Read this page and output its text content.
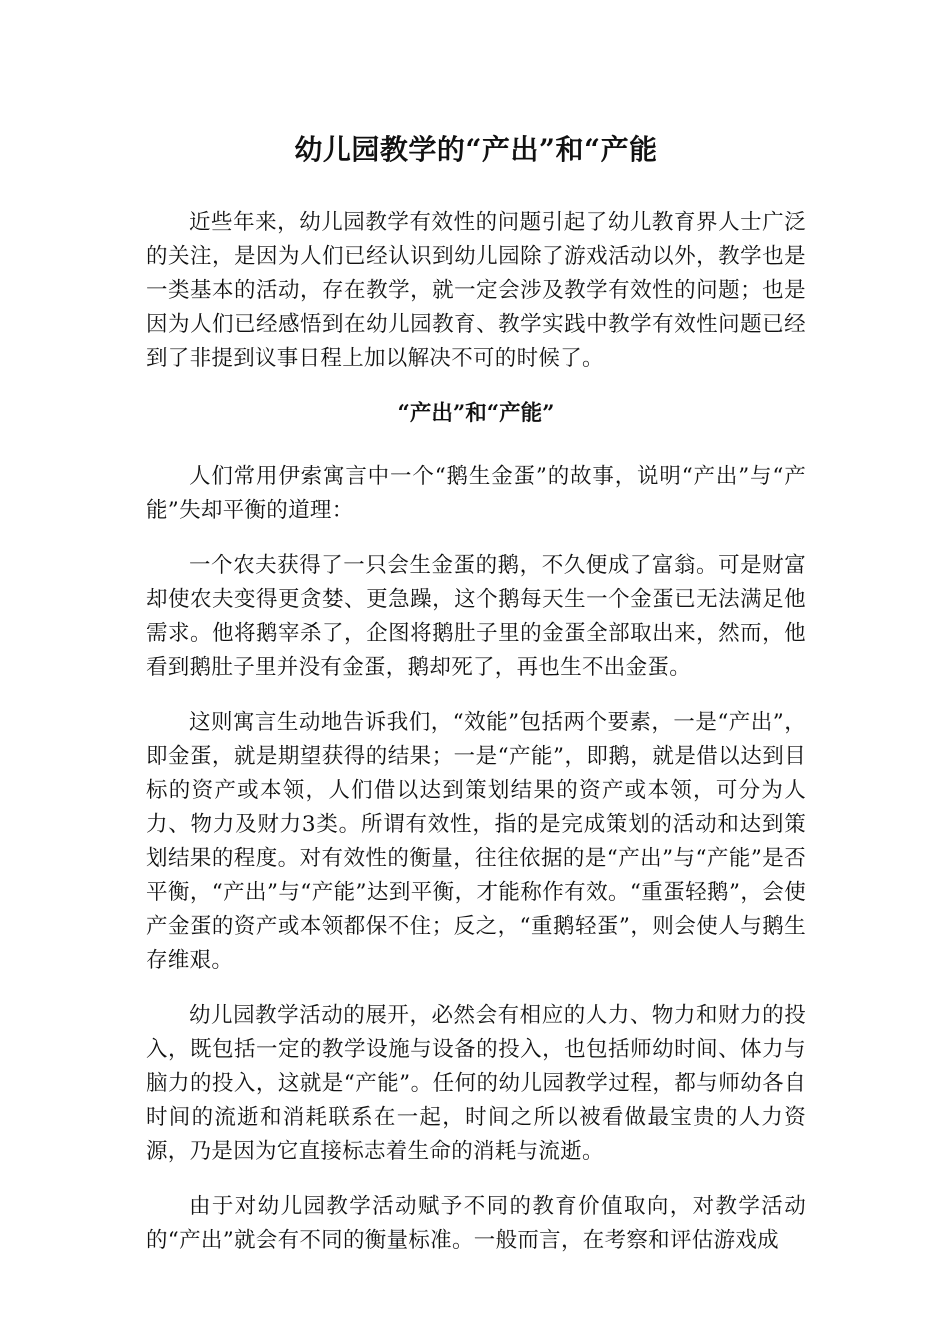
幼儿园教学的“产出”和“产能

近些年来，幼儿园教学有效性的问题引起了幼儿教育界人士广泛的关注，是因为人们已经认识到幼儿园除了游戏活动以外，教学也是一类基本的活动，存在教学，就一定会涉及教学有效性的问题；也是因为人们已经感悟到在幼儿园教育、教学实践中教学有效性问题已经到了非提到议事日程上加以解决不可的时候了。

“产出”和“产能”

人们常用伊索寓言中一个“鹅生金蛋”的故事，说明“产出”与“产能”失却平衡的道理：

一个农夫获得了一只会生金蛋的鹅，不久便成了富翁。可是财富却使农夫变得更贪婪、更急躁，这个鹅每天生一个金蛋已无法满足他需求。他将鹅宰杀了，企图将鹅肚子里的金蛋全部取出来，然而，他看到鹅肚子里并没有金蛋，鹅却死了，再也生不出金蛋。

这则寓言生动地告诉我们，“效能”包括两个要素，一是“产出”，即金蛋，就是期望获得的结果；一是“产能”，即鹅，就是借以达到目标的资产或本领，人们借以达到策划结果的资产或本领，可分为人力、物力及财力3类。所谓有效性，指的是完成策划的活动和达到策划结果的程度。对有效性的衡量，往往依据的是“产出”与“产能”是否平衡，“产出”与“产能”达到平衡，才能称作有效。“重蛋轻鹅”，会使产金蛋的资产或本领都保不住；反之，“重鹅轻蛋”，则会使人与鹅生存维艰。

幼儿园教学活动的展开，必然会有相应的人力、物力和财力的投入，既包括一定的教学设施与设备的投入，也包括师幼时间、体力与脑力的投入，这就是“产能”。任何的幼儿园教学过程，都与师幼各自时间的流逝和消耗联系在一起，时间之所以被看做最宝贵的人力资源，乃是因为它直接标志着生命的消耗与流逝。

由于对幼儿园教学活动赋予不同的教育价值取向，对教学活动的“产出”就会有不同的衡量标准。一般而言，在考察和评估游戏成
